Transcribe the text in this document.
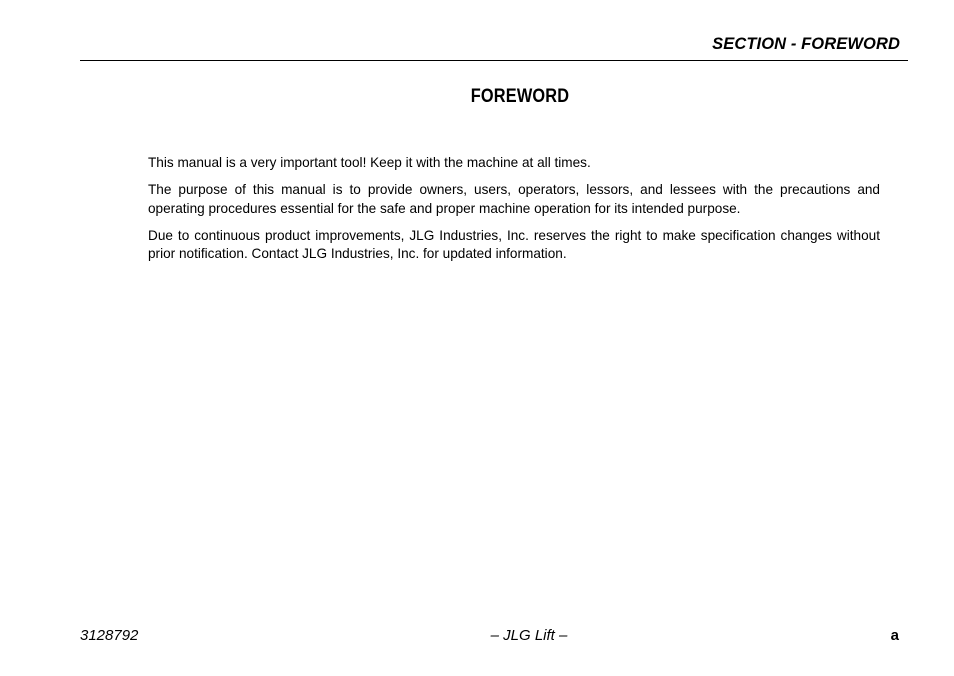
SECTION - FOREWORD
FOREWORD

This manual is a very important tool! Keep it with the machine at all times.

The purpose of this manual is to provide owners, users, operators, lessors, and lessees with the precautions and operating procedures essential for the safe and proper machine operation for its intended purpose.

Due to continuous product improvements, JLG Industries, Inc. reserves the right to make specification changes without prior notification. Contact JLG Industries, Inc. for updated information.

3128792	– JLG Lift –	a
